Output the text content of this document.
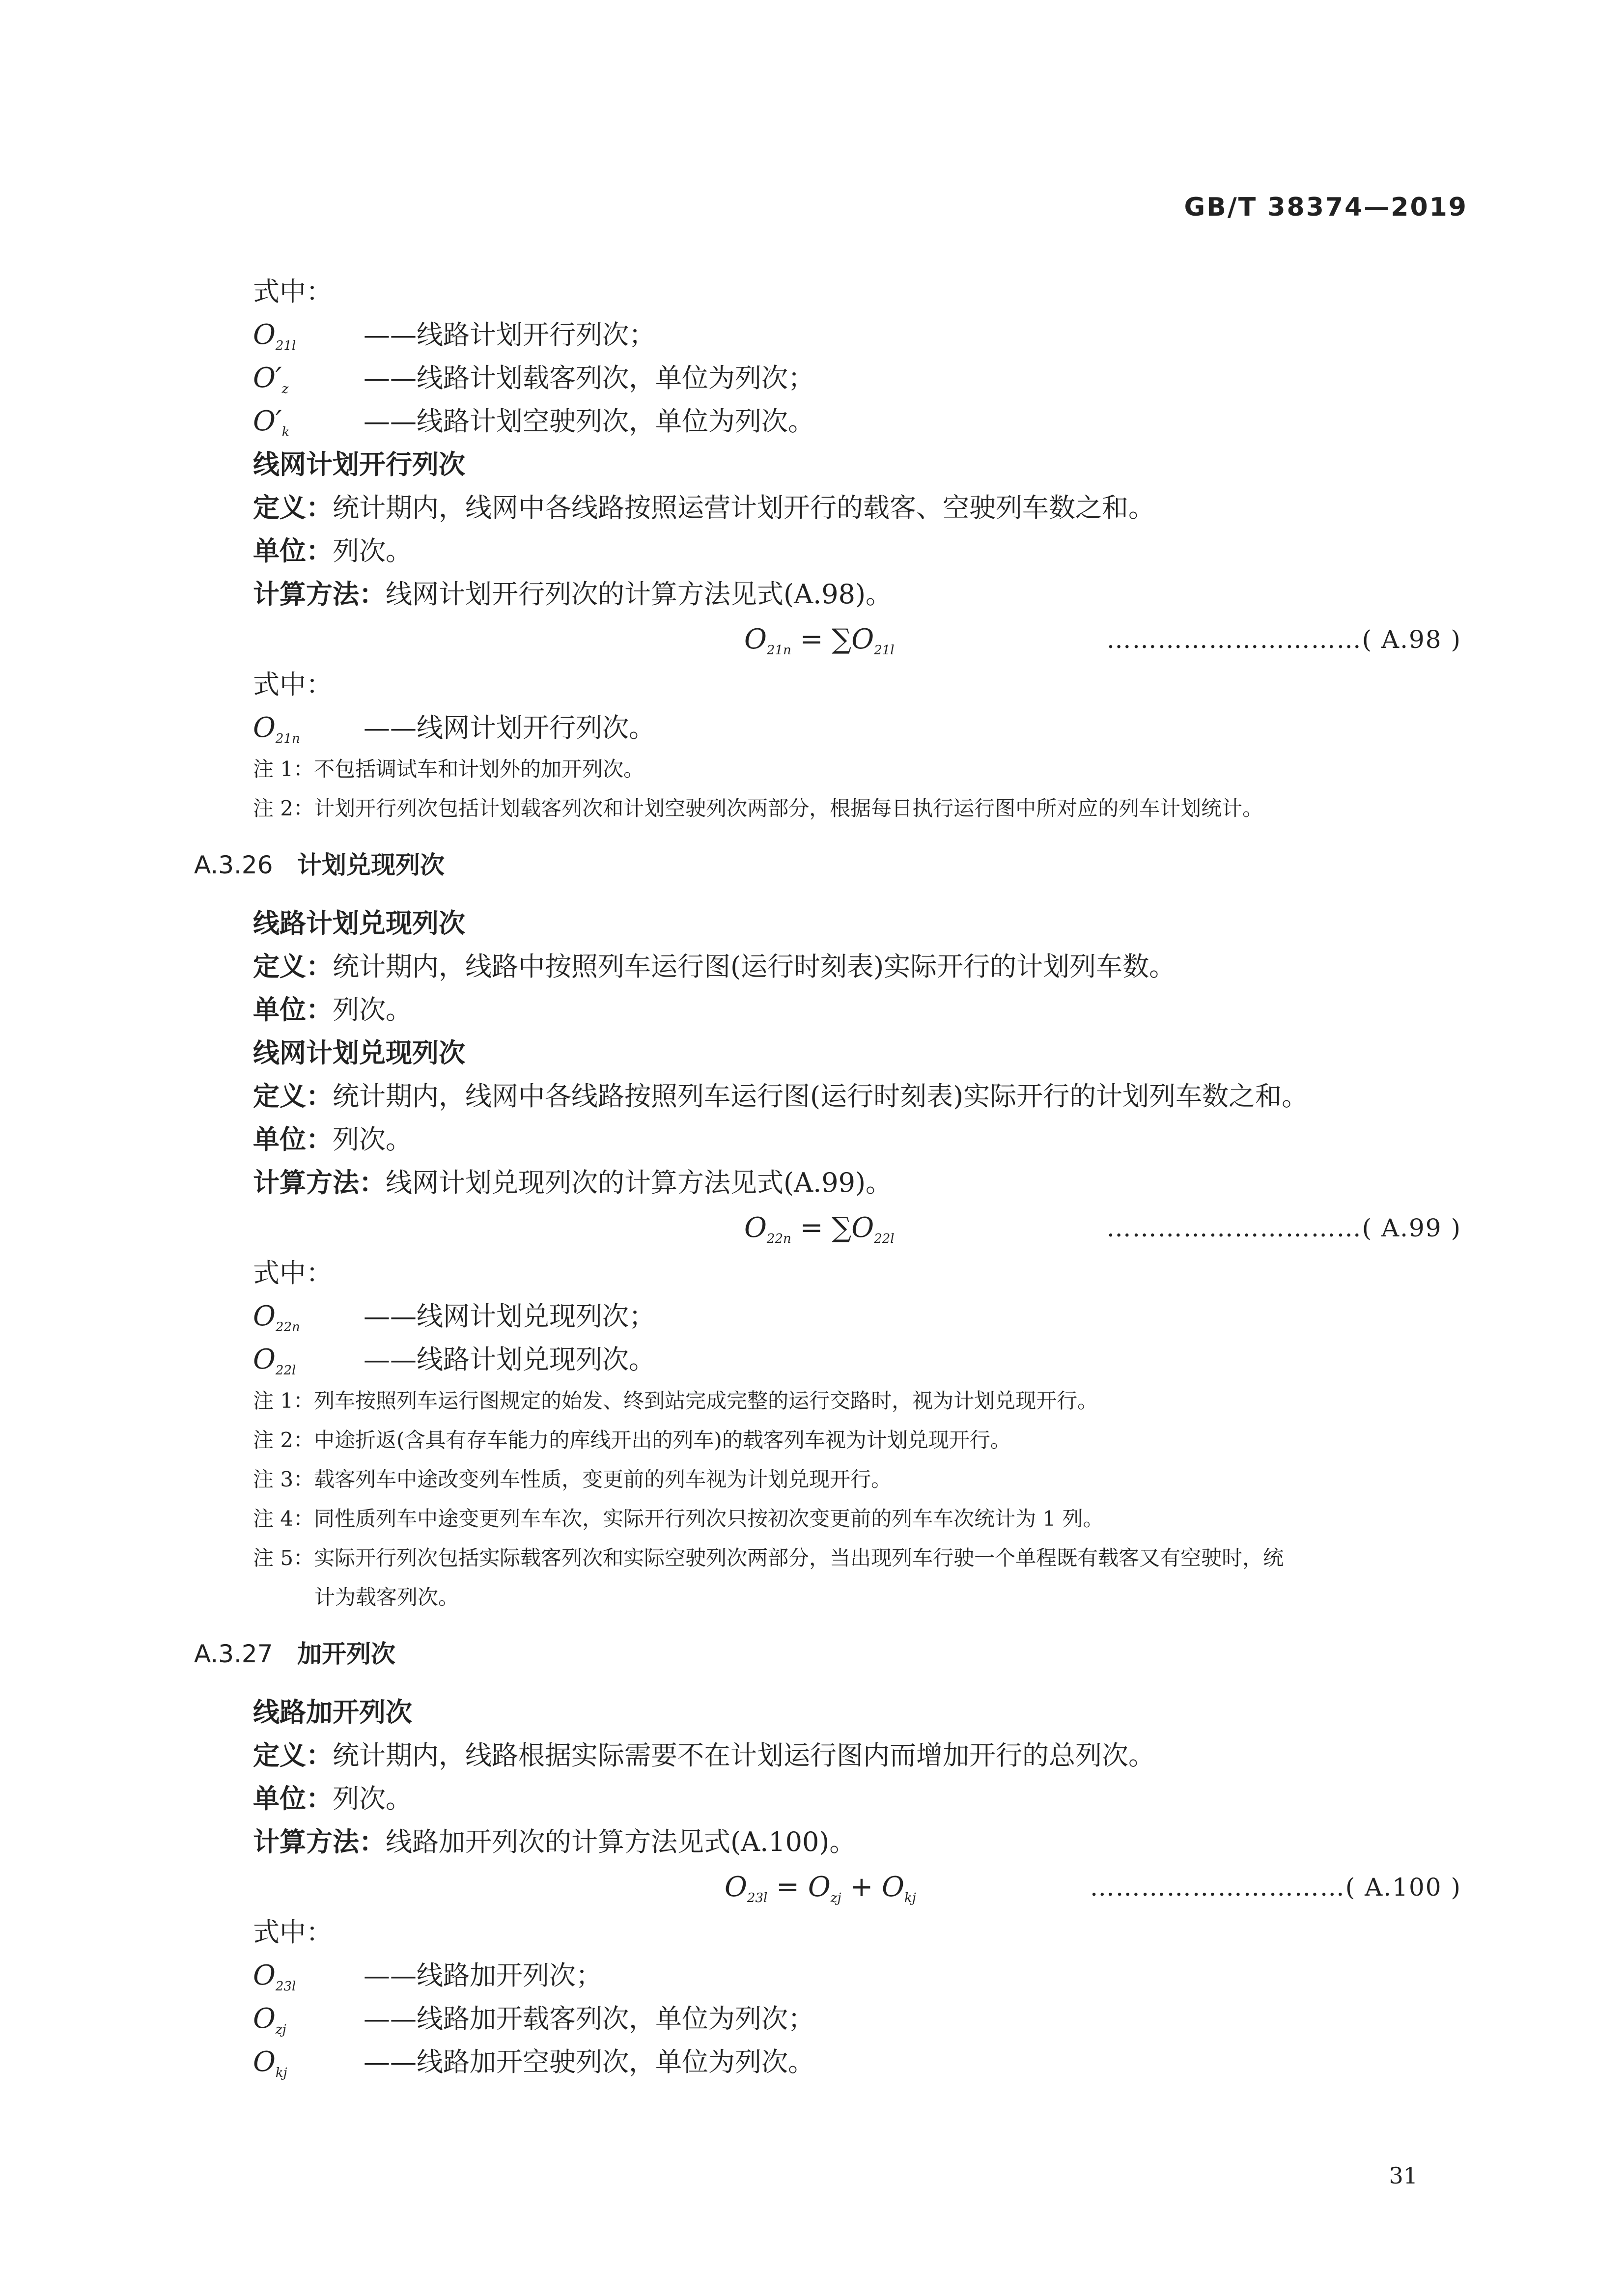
GB/T 38374—2019
式中：
$O_{21l}$	——线路计划开行列次；
$O'_z$	——线路计划载客列次，单位为列次；
$O'_k$	——线路计划空驶列次，单位为列次。
线网计划开行列次
定义：统计期内，线网中各线路按照运营计划开行的载客、空驶列车数之和。
单位：列次。
计算方法：线网计划开行列次的计算方法见式(A.98)。
$O_{21n} = \sum O_{21l}$	…………………………( A.98 )
式中：
$O_{21n}$ ——线网计划开行列次。
注 1：不包括调试车和计划外的加开列次。
注 2：计划开行列次包括计划载客列次和计划空驶列次两部分，根据每日执行运行图中所对应的列车计划统计。
A.3.26 计划兑现列次
线路计划兑现列次
定义：统计期内，线路中按照列车运行图(运行时刻表)实际开行的计划列车数。
单位：列次。
线网计划兑现列次
定义：统计期内，线网中各线路按照列车运行图(运行时刻表)实际开行的计划列车数之和。
单位：列次。
计算方法：线网计划兑现列次的计算方法见式(A.99)。
$O_{22n} = \sum O_{22l}$	…………………………( A.99 )
式中：
$O_{22n}$ ——线网计划兑现列次；
$O_{22l}$	——线路计划兑现列次。
注 1：列车按照列车运行图规定的始发、终到站完成完整的运行交路时，视为计划兑现开行。
注 2：中途折返(含具有存车能力的库线开出的列车)的载客列车视为计划兑现开行。
注 3：载客列车中途改变列车性质，变更前的列车视为计划兑现开行。
注 4：同性质列车中途变更列车车次，实际开行列次只按初次变更前的列车车次统计为 1 列。
注 5：实际开行列次包括实际载客列次和实际空驶列次两部分，当出现列车行驶一个单程既有载客又有空驶时，统
计为载客列次。
A.3.27 加开列次
线路加开列次
定义：统计期内，线路根据实际需要不在计划运行图内而增加开行的总列次。
单位：列次。
计算方法：线路加开列次的计算方法见式(A.100)。
$O_{23l} = O_{zj} + O_{kj}$	…………………………( A.100 )
式中：
$O_{23l}$	——线路加开列次；
$O_{zj}$	——线路加开载客列次，单位为列次；
$O_{kj}$	——线路加开空驶列次，单位为列次。
31
